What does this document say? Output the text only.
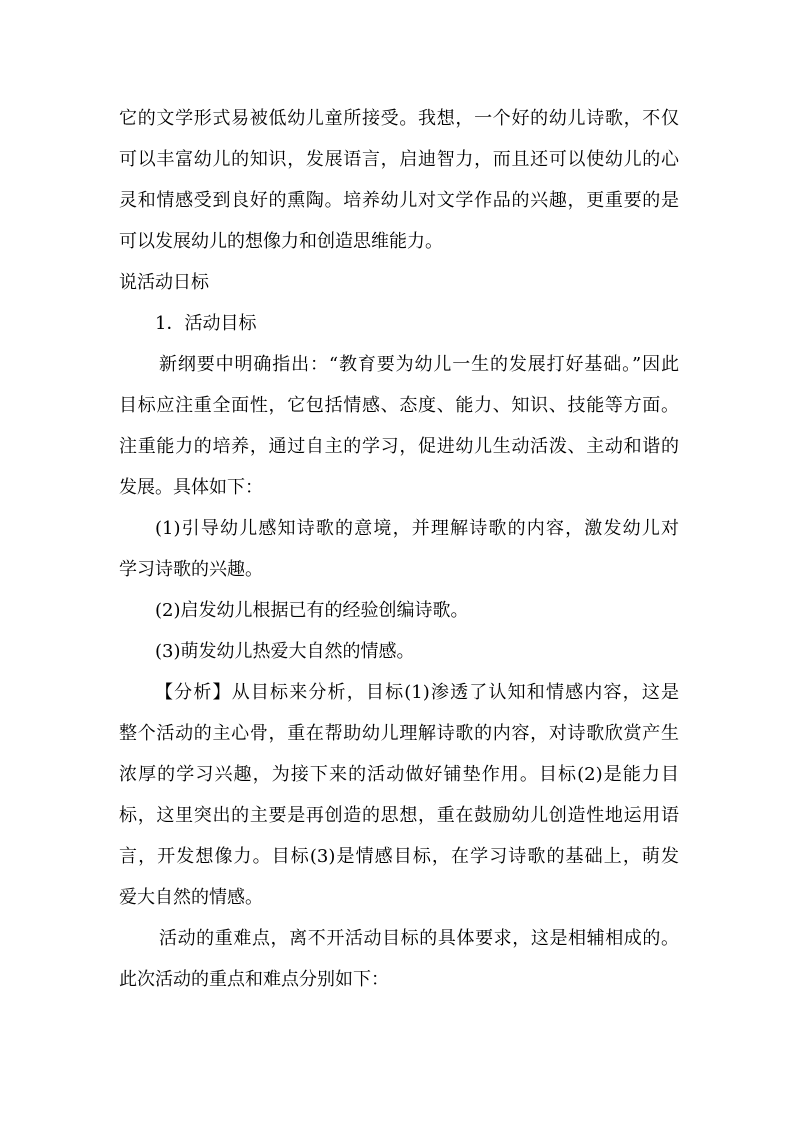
它的文学形式易被低幼儿童所接受。我想，一个好的幼儿诗歌，不仅
可以丰富幼儿的知识，发展语言，启迪智力，而且还可以使幼儿的心
灵和情感受到良好的熏陶。培养幼儿对文学作品的兴趣，更重要的是
可以发展幼儿的想像力和创造思维能力。
说活动日标
1．活动目标
新纲要中明确指出：“教育要为幼儿一生的发展打好基础。”因此
目标应注重全面性，它包括情感、态度、能力、知识、技能等方面。
注重能力的培养，通过自主的学习，促进幼儿生动活泼、主动和谐的
发展。具体如下：
(1)引导幼儿感知诗歌的意境，并理解诗歌的内容，激发幼儿对
学习诗歌的兴趣。
(2)启发幼儿根据已有的经验创编诗歌。
(3)萌发幼儿热爱大自然的情感。
【分析】从目标来分析，目标(1)渗透了认知和情感内容，这是
整个活动的主心骨，重在帮助幼儿理解诗歌的内容，对诗歌欣赏产生
浓厚的学习兴趣，为接下来的活动做好铺垫作用。目标(2)是能力目
标，这里突出的主要是再创造的思想，重在鼓励幼儿创造性地运用语
言，开发想像力。目标(3)是情感目标，在学习诗歌的基础上，萌发
爱大自然的情感。
活动的重难点，离不开活动目标的具体要求，这是相辅相成的。
此次活动的重点和难点分别如下：
